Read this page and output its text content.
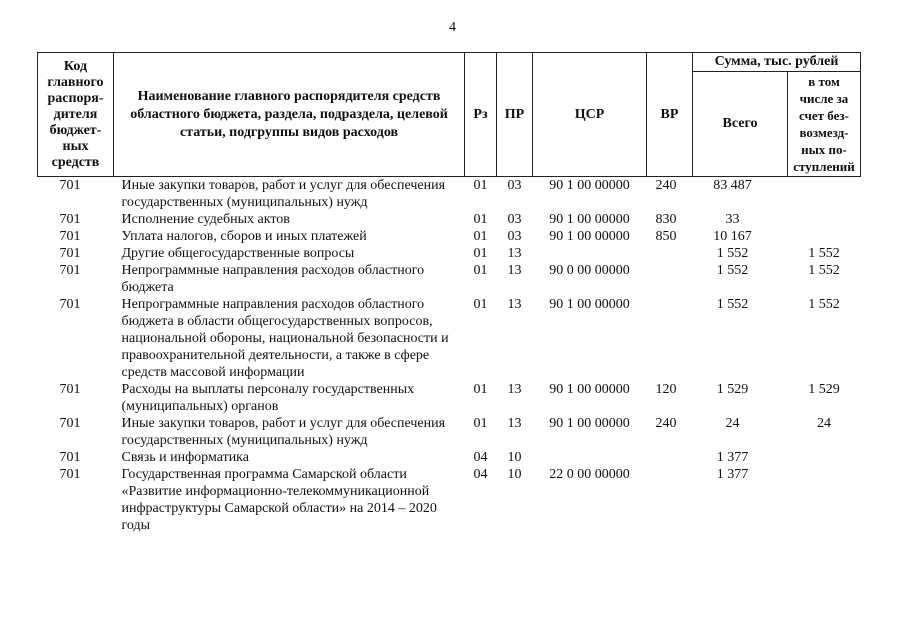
4
Код главного распоря-дителя бюджет-ных средств	Наименование главного распорядителя средств областного бюджета, раздела, подраздела, целевой статьи, подгруппы видов расходов	Рз	ПР	ЦСР	ВР	Сумма, тыс. рублей	
						Всего	в том числе за счет без-возмезд-ных по-ступлений
701	Иные закупки товаров, работ и услуг для обеспечения государственных (муниципальных) нужд	01	03	90 1 00 00000	240	83 487	
701	Исполнение судебных актов	01	03	90 1 00 00000	830	33	
701	Уплата налогов, сборов и иных платежей	01	03	90 1 00 00000	850	10 167	
701	Другие общегосударственные вопросы	01	13			1 552	1 552
701	Непрограммные направления расходов областного бюджета	01	13	90 0 00 00000		1 552	1 552
701	Непрограммные направления расходов областного бюджета в области общегосударственных вопросов, национальной обороны, национальной безопасности и правоохранительной деятельности, а также в сфере средств массовой информации	01	13	90 1 00 00000		1 552	1 552
701	Расходы на выплаты персоналу государственных (муниципальных) органов	01	13	90 1 00 00000	120	1 529	1 529
701	Иные закупки товаров, работ и услуг для обеспечения государственных (муниципальных) нужд	01	13	90 1 00 00000	240	24	24
701	Связь и информатика	04	10			1 377	
701	Государственная программа Самарской области «Развитие информационно-телекоммуникационной инфраструктуры Самарской области» на 2014 – 2020 годы	04	10	22 0 00 00000		1 377	
